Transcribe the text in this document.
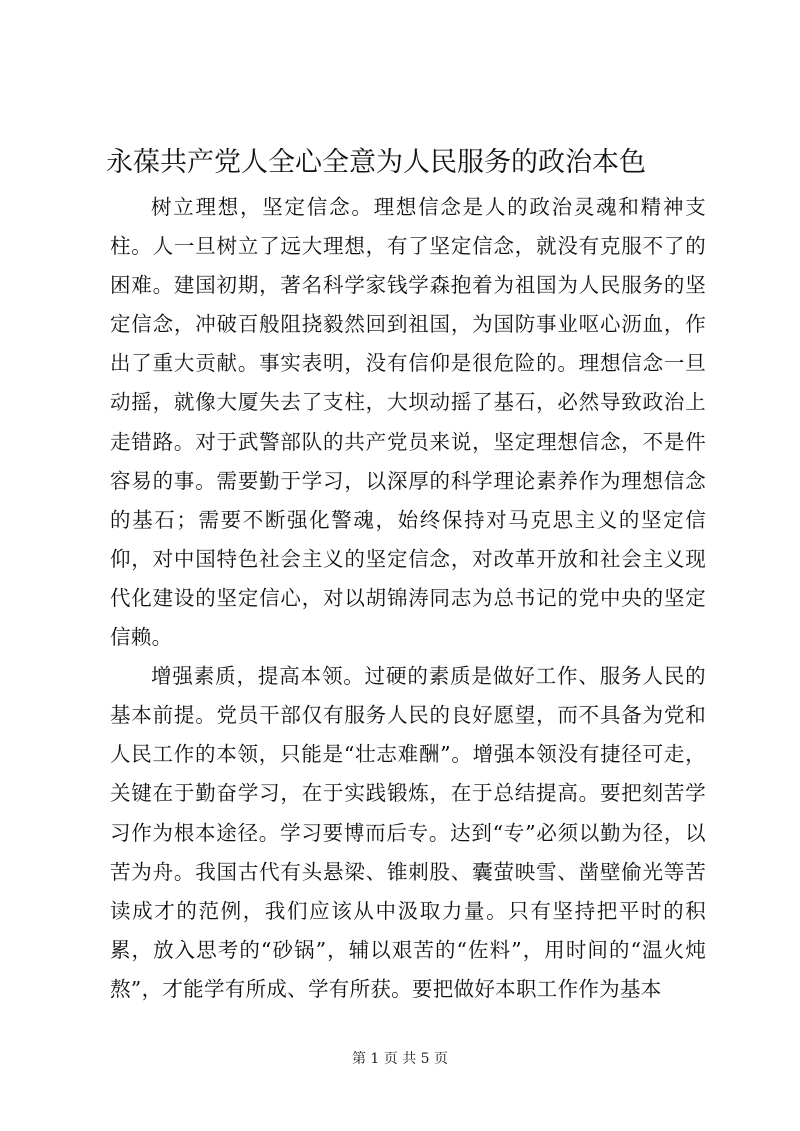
永葆共产党人全心全意为人民服务的政治本色

树立理想，坚定信念。理想信念是人的政治灵魂和精神支柱。人一旦树立了远大理想，有了坚定信念，就没有克服不了的困难。建国初期，著名科学家钱学森抱着为祖国为人民服务的坚定信念，冲破百般阻挠毅然回到祖国，为国防事业呕心沥血，作出了重大贡献。事实表明，没有信仰是很危险的。理想信念一旦动摇，就像大厦失去了支柱，大坝动摇了基石，必然导致政治上走错路。对于武警部队的共产党员来说，坚定理想信念，不是件容易的事。需要勤于学习，以深厚的科学理论素养作为理想信念的基石；需要不断强化警魂，始终保持对马克思主义的坚定信仰，对中国特色社会主义的坚定信念，对改革开放和社会主义现代化建设的坚定信心，对以胡锦涛同志为总书记的党中央的坚定信赖。

增强素质，提高本领。过硬的素质是做好工作、服务人民的基本前提。党员干部仅有服务人民的良好愿望，而不具备为党和人民工作的本领，只能是“壮志难酬”。增强本领没有捷径可走，关键在于勤奋学习，在于实践锻炼，在于总结提高。要把刻苦学习作为根本途径。学习要博而后专。达到“专”必须以勤为径，以苦为舟。我国古代有头悬梁、锥刺股、囊萤映雪、凿壁偷光等苦读成才的范例，我们应该从中汲取力量。只有坚持把平时的积累，放入思考的“砂锅”，辅以艰苦的“佐料”，用时间的“温火炖熬”，才能学有所成、学有所获。要把做好本职工作作为基本

第 1 页 共 5 页
